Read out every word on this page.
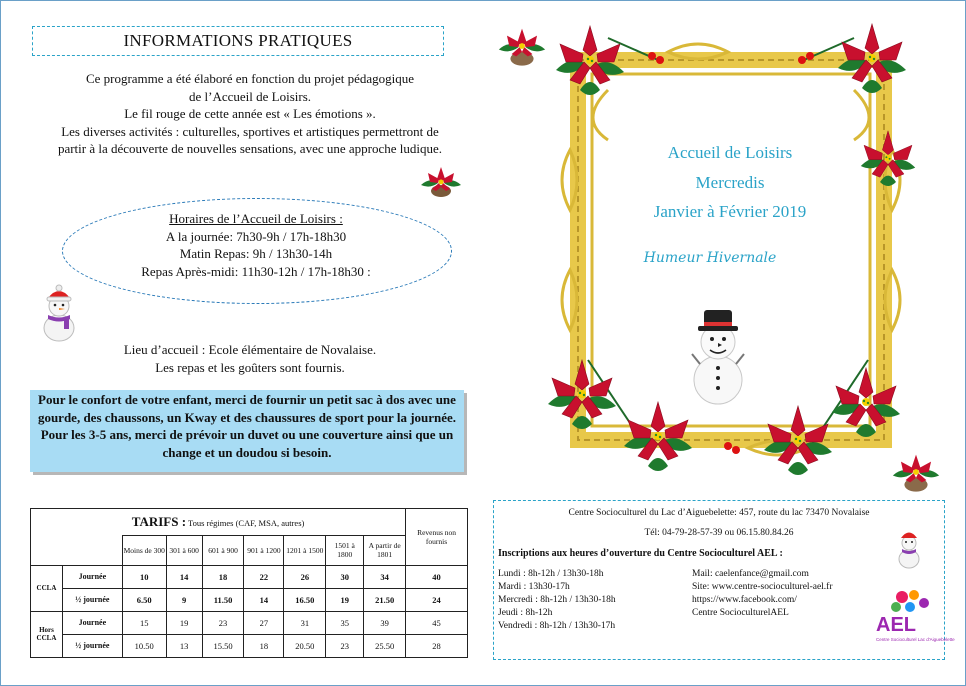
INFORMATIONS PRATIQUES
Ce programme a été élaboré en fonction du projet pédagogique
de l’Accueil de Loisirs.
Le fil rouge de cette année est « Les émotions ».
Les diverses activités : culturelles, sportives et artistiques permettront de
partir à la découverte de nouvelles sensations, avec une approche ludique.
Horaires de l’Accueil de Loisirs :
A la journée: 7h30-9h / 17h-18h30
Matin Repas: 9h / 13h30-14h
Repas Après-midi: 11h30-12h / 17h-18h30 :
Lieu d’accueil : Ecole élémentaire de Novalaise.
Les repas et les goûters sont fournis.
Pour le confort de votre enfant, merci de fournir un petit sac à dos avec une gourde, des chaussons, un Kway et des chaussures de sport pour la journée. Pour les 3-5 ans, merci de prévoir un duvet ou une couverture ainsi que un change et un doudou si besoin.
TARIFS : Tous régimes (CAF, MSA, autres)									Revenus non fournis
		Moins de 300	301 à 600	601 à 900	901 à 1200	1201 à 1500	1501 à 1800	A partir de 1801	
CCLA	Journée	10	14	18	22	26	30	34	40
	½ journée	6.50	9	11.50	14	16.50	19	21.50	24
Hors CCLA	Journée	15	19	23	27	31	35	39	45
	½ journée	10.50	13	15.50	18	20.50	23	25.50	28
Accueil de Loisirs
Mercredis
Janvier à Février 2019
Humeur Hivernale
Centre Socioculturel du Lac d’Aiguebelette: 457, route du lac 73470 Novalaise
Tél: 04-79-28-57-39 ou 06.15.80.84.26
Inscriptions aux heures d’ouverture du Centre Socioculturel AEL :
Lundi : 8h-12h / 13h30-18h
Mardi : 13h30-17h
Mercredi : 8h-12h / 13h30-18h
Jeudi : 8h-12h
Vendredi : 8h-12h / 13h30-17h
Mail: caelenfance@gmail.com
Site: www.centre-socioculturel-ael.fr
https://www.facebook.com/
Centre SocioculturelAEL
AEL
Centre Socioculturel Lac d'Aiguebelette
